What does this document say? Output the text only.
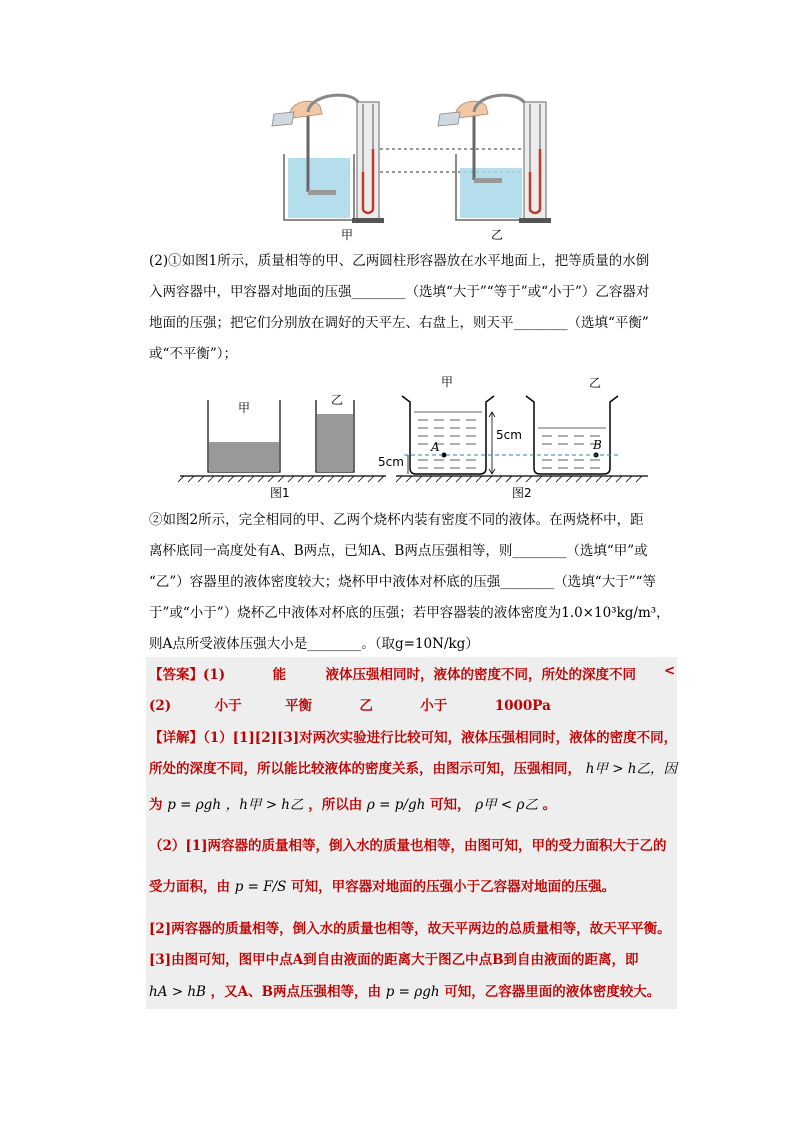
甲	乙
(2)①如图1所示，质量相等的甲、乙两圆柱形容器放在水平地面上，把等质量的水倒
入两容器中，甲容器对地面的压强________（选填“大于”“等于”或“小于”）乙容器对
地面的压强；把它们分别放在调好的天平左、右盘上，则天平________（选填“平衡”
或“不平衡”）；
甲
乙
甲	乙
5cm
5cm
A	B
图1	图2
②如图2所示，完全相同的甲、乙两个烧杯内装有密度不同的液体。在两烧杯中，距
离杯底同一高度处有A、B两点，已知A、B两点压强相等，则________（选填“甲”或
“乙”）容器里的液体密度较大；烧杯甲中液体对杯底的压强________（选填“大于”“等
于”或“小于”）烧杯乙中液体对杯底的压强；若甲容器装的液体密度为1.0×10³kg/m³，
则A点所受液体压强大小是________。（取g=10N/kg）
【答案】(1)	能	液体压强相同时，液体的密度不同，所处的深度不同 <
(2)	小于	平衡	乙	小于	1000Pa
【详解】（1）[1][2][3]对两次实验进行比较可知，液体压强相同时，液体的密度不同，
所处的深度不同，所以能比较液体的密度关系，由图示可知，压强相同， h甲 > h乙，因
为 p = ρgh ，h甲 > h乙 ，所以由 ρ = p/gh 可知， ρ甲 < ρ乙 。
（2）[1]两容器的质量相等，倒入水的质量也相等，由图可知，甲的受力面积大于乙的
受力面积，由 p = F/S 可知，甲容器对地面的压强小于乙容器对地面的压强。
[2]两容器的质量相等，倒入水的质量也相等，故天平两边的总质量相等，故天平平衡。
[3]由图可知，图甲中点A到自由液面的距离大于图乙中点B到自由液面的距离，即
hA > hB ，又A、B两点压强相等，由 p = ρgh 可知，乙容器里面的液体密度较大。
